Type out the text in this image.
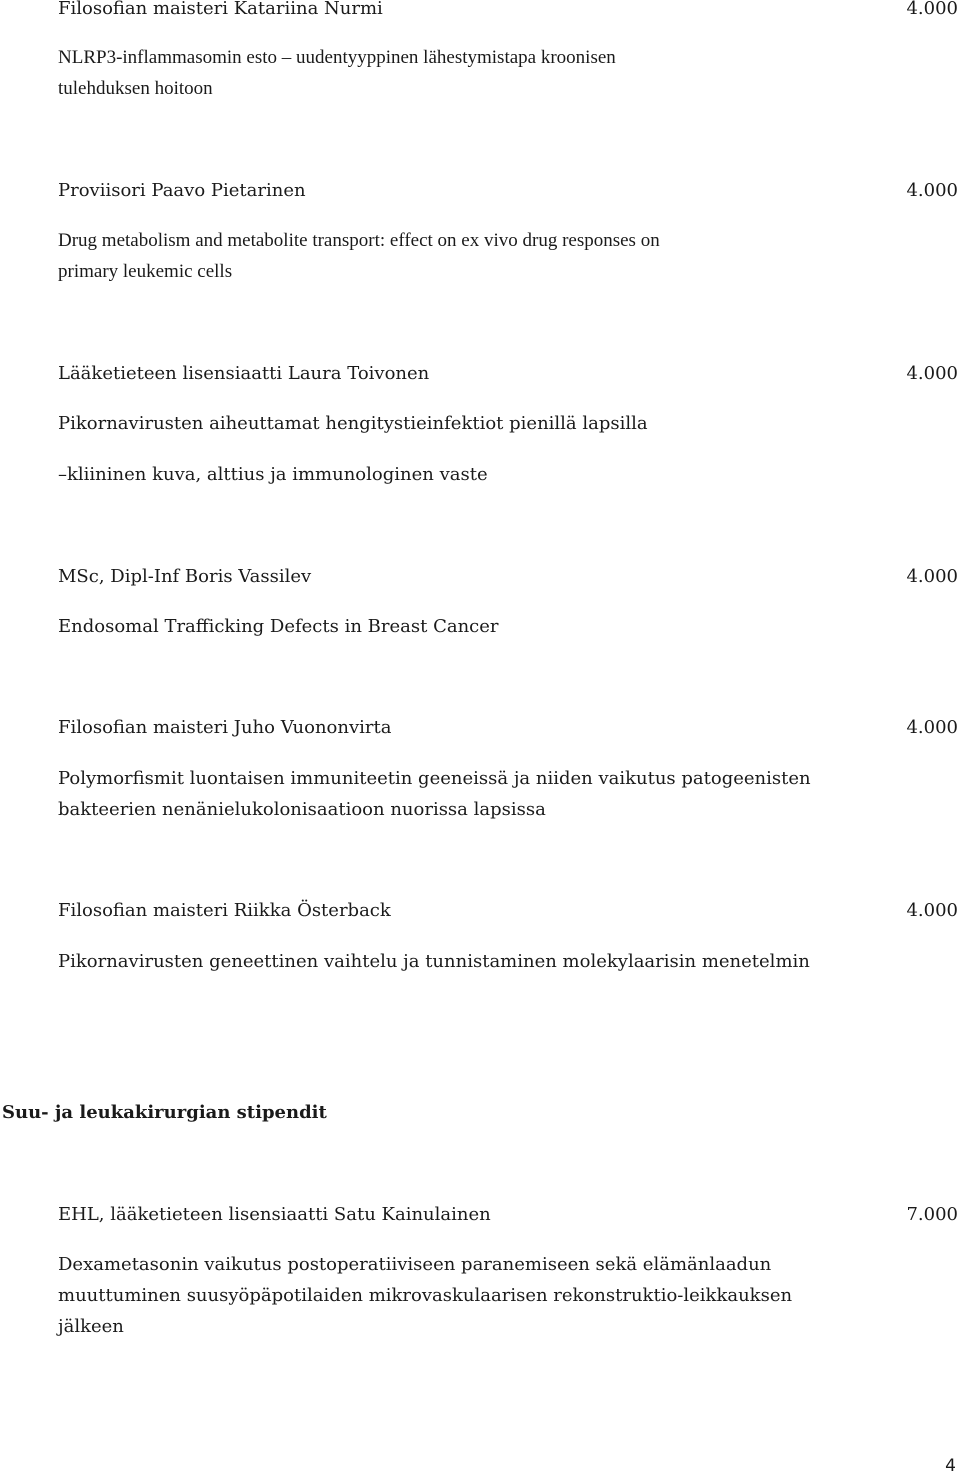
Filosofian maisteri Katariina Nurmi	4.000
NLRP3-inflammasomin esto – uudentyyppinen lähestymistapa kroonisen
tulehduksen hoitoon
Proviisori Paavo Pietarinen	4.000
Drug metabolism and metabolite transport: effect on ex vivo drug responses on
primary leukemic cells
Lääketieteen lisensiaatti Laura Toivonen	4.000
Pikornavirusten aiheuttamat hengitystieinfektiot pienillä lapsilla
–kliininen kuva, alttius ja immunologinen vaste
MSc, Dipl-Inf Boris Vassilev	4.000
Endosomal Trafficking Defects in Breast Cancer
Filosofian maisteri Juho Vuononvirta	4.000
Polymorfismit luontaisen immuniteetin geeneissä ja niiden vaikutus patogeenisten
bakteerien nenänielukolonisaatioon nuorissa lapsissa
Filosofian maisteri Riikka Österback	4.000
Pikornavirusten geneettinen vaihtelu ja tunnistaminen molekylaarisin menetelmin
Suu- ja leukakirurgian stipendit
EHL, lääketieteen lisensiaatti Satu Kainulainen	7.000
Dexametasonin vaikutus postoperatiiviseen paranemiseen sekä elämänlaadun
muuttuminen suusyöpäpotilaiden mikrovaskulaarisen rekonstruktio-leikkauksen
jälkeen
4
